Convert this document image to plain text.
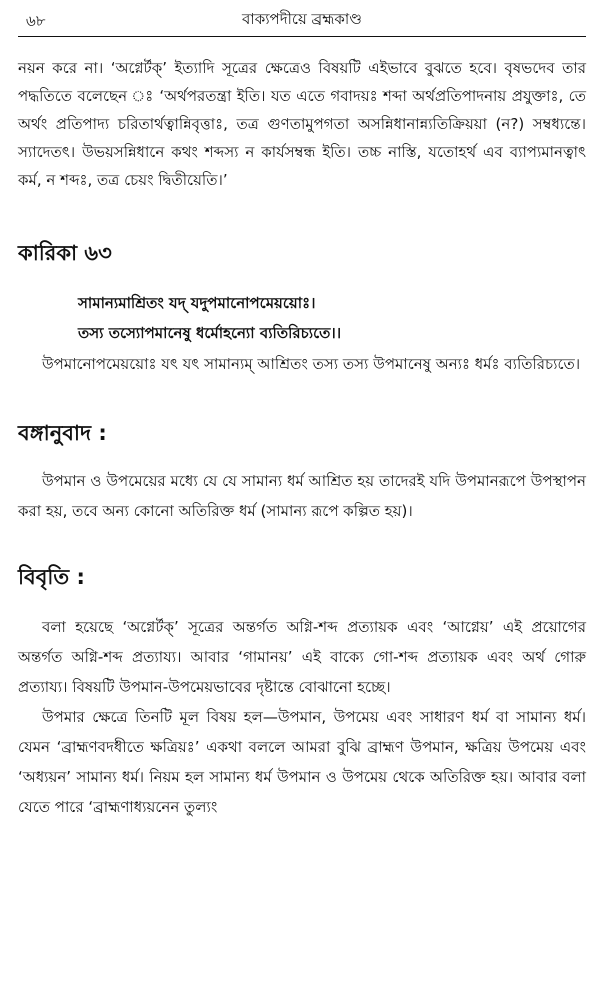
৬৮	বাক্যপদীয়ে ব্রহ্মকাণ্ড

নয়ন করে না। ‘অগ্নের্টক্’ ইত্যাদি সূত্রের ক্ষেত্রেও বিষয়টি এইভাবে বুঝতে হবে। বৃষভদেব তার পদ্ধতিতে বলেছেন ঃ ‘অর্থপরতন্ত্রা ইতি। যত এতে গবাদয়ঃ শব্দা অর্থপ্রতিপাদনায় প্রযুক্তাঃ, তে অর্থং প্রতিপাদ্য চরিতার্থত্বান্নিবৃত্তাঃ, তত্র গুণতামুপগতা অসন্নিধানান্ন্যতিক্রিয়য়া (ন?) সম্বধ্যন্তে। স্যাদেতৎ। উভয়সন্নিধানে কথং শব্দস্য ন কার্যসম্বন্ধ ইতি। তচ্চ নাস্তি, যতোহর্থ এব ব্যাপ্যমানত্বাৎ কর্ম, ন শব্দঃ, তত্র চেয়ং দ্বিতীয়েতি।’

কারিকা ৬৩
সামান্যমাশ্রিতং যদ্ যদুপমানোপমেয়য়োঃ।
তস্য তস্যোপমানেষু ধর্মোহন্যো ব্যতিরিচ্যতে।।

উপমানোপমেয়য়োঃ যৎ যৎ সামান্যম্ আশ্রিতং তস্য তস্য উপমানেষু অন্যঃ ধর্মঃ ব্যতিরিচ্যতে।

বঙ্গানুবাদ :

উপমান ও উপমেয়ের মধ্যে যে যে সামান্য ধর্ম আশ্রিত হয় তাদেরই যদি উপমানরূপে উপস্থাপন করা হয়, তবে অন্য কোনো অতিরিক্ত ধর্ম (সামান্য রূপে কল্পিত হয়)।

বিবৃতি :

বলা হয়েছে ‘অগ্নের্টক্’ সূত্রের অন্তর্গত অগ্নি-শব্দ প্রত্যায়ক এবং ‘আগ্নেয়’ এই প্রয়োগের অন্তর্গত অগ্নি-শব্দ প্রত্যায্য। আবার ‘গামানয়’ এই বাক্যে গো-শব্দ প্রত্যায়ক এবং অর্থ গোরু প্রত্যায্য। বিষয়টি উপমান-উপমেয়ভাবের দৃষ্টান্তে বোঝানো হচ্ছে।

উপমার ক্ষেত্রে তিনটি মূল বিষয় হল—উপমান, উপমেয় এবং সাধারণ ধর্ম বা সামান্য ধর্ম। যেমন ‘ব্রাহ্মণবদধীতে ক্ষত্রিয়ঃ’ একথা বললে আমরা বুঝি ব্রাহ্মণ উপমান, ক্ষত্রিয় উপমেয় এবং ‘অধ্যয়ন’ সামান্য ধর্ম। নিয়ম হল সামান্য ধর্ম উপমান ও উপমেয় থেকে অতিরিক্ত হয়। আবার বলা যেতে পারে ‘ব্রাহ্মণাধ্যয়নেন তুল্যং
